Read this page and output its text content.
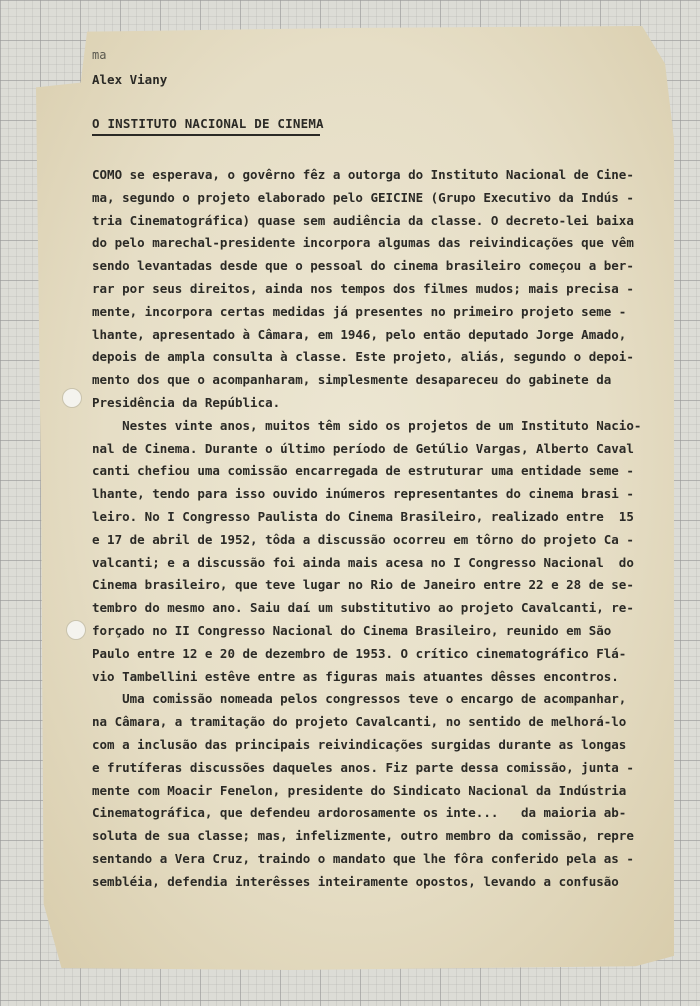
ma
Alex Viany
O INSTITUTO NACIONAL DE CINEMA
COMO se esperava, o govêrno fêz a outorga do Instituto Nacional de Cine-
ma, segundo o projeto elaborado pelo GEICINE (Grupo Executivo da Indús -
tria Cinematográfica) quase sem audiência da classe. O decreto-lei baixa
do pelo marechal-presidente incorpora algumas das reivindicações que vêm
sendo levantadas desde que o pessoal do cinema brasileiro começou a ber-
rar por seus direitos, ainda nos tempos dos filmes mudos; mais precisa -
mente, incorpora certas medidas já presentes no primeiro projeto seme -
lhante, apresentado à Câmara, em 1946, pelo então deputado Jorge Amado,
depois de ampla consulta à classe. Este projeto, aliás, segundo o depoi-
mento dos que o acompanharam, simplesmente desapareceu do gabinete da
Presidência da República.
Nestes vinte anos, muitos têm sido os projetos de um Instituto Nacio-
nal de Cinema. Durante o último período de Getúlio Vargas, Alberto Caval
canti chefiou uma comissão encarregada de estruturar uma entidade seme -
lhante, tendo para isso ouvido inúmeros representantes do cinema brasi -
leiro. No I Congresso Paulista do Cinema Brasileiro, realizado entre  15
e 17 de abril de 1952, tôda a discussão ocorreu em tôrno do projeto Ca -
valcanti; e a discussão foi ainda mais acesa no I Congresso Nacional  do
Cinema brasileiro, que teve lugar no Rio de Janeiro entre 22 e 28 de se-
tembro do mesmo ano. Saiu daí um substitutivo ao projeto Cavalcanti, re-
forçado no II Congresso Nacional do Cinema Brasileiro, reunido em São
Paulo entre 12 e 20 de dezembro de 1953. O crítico cinematográfico Flá-
vio Tambellini estêve entre as figuras mais atuantes dêsses encontros.
Uma comissão nomeada pelos congressos teve o encargo de acompanhar,
na Câmara, a tramitação do projeto Cavalcanti, no sentido de melhorá-lo
com a inclusão das principais reivindicações surgidas durante as longas
e frutíferas discussões daqueles anos. Fiz parte dessa comissão, junta -
mente com Moacir Fenelon, presidente do Sindicato Nacional da Indústria
Cinematográfica, que defendeu ardorosamente os inte...   da maioria ab-
soluta de sua classe; mas, infelizmente, outro membro da comissão, repre
sentando a Vera Cruz, traindo o mandato que lhe fôra conferido pela as -
sembléia, defendia interêsses inteiramente opostos, levando a confusão
